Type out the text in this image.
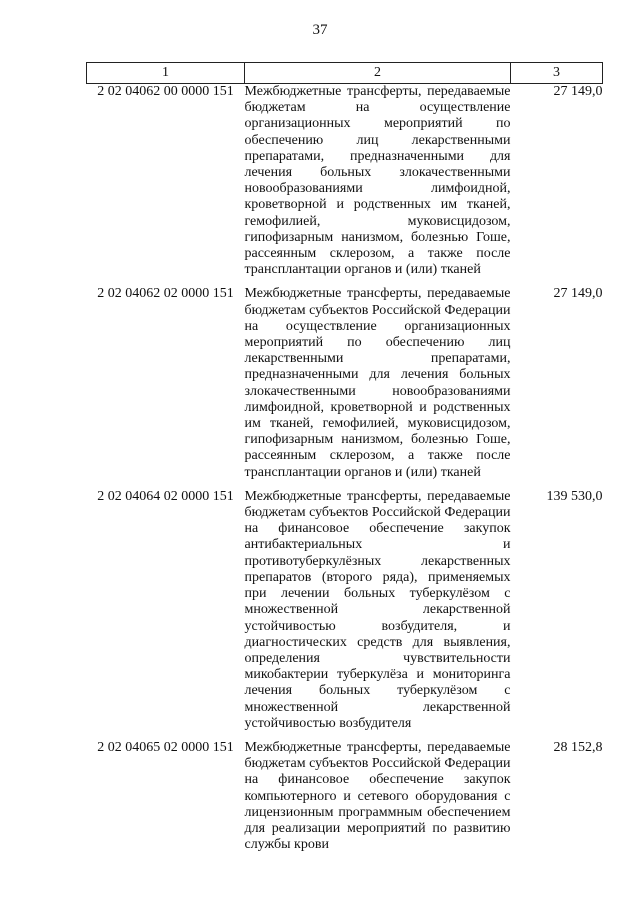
37
1	2	3
2 02 04062 00 0000 151	Межбюджетные трансферты, передаваемые бюджетам на осуществление организационных мероприятий по обеспечению лиц лекарственными препаратами, предназначенными для лечения больных злокачественными новообразованиями лимфоидной, кроветворной и родственных им тканей, гемофилией, муковисцидозом, гипофизарным нанизмом, болезнью Гоше, рассеянным склерозом, а также после трансплантации органов и (или) тканей	27 149,0
2 02 04062 02 0000 151	Межбюджетные трансферты, передаваемые бюджетам субъектов Российской Федерации на осуществление организационных мероприятий по обеспечению лиц лекарственными препаратами, предназначенными для лечения больных злокачественными новообразованиями лимфоидной, кроветворной и родственных им тканей, гемофилией, муковисцидозом, гипофизарным нанизмом, болезнью Гоше, рассеянным склерозом, а также после трансплантации органов и (или) тканей	27 149,0
2 02 04064 02 0000 151	Межбюджетные трансферты, передаваемые бюджетам субъектов Российской Федерации на финансовое обеспечение закупок антибактериальных и противотуберкулёзных лекарственных препаратов (второго ряда), применяемых при лечении больных туберкулёзом с множественной лекарственной устойчивостью возбудителя, и диагностических средств для выявления, определения чувствительности микобактерии туберкулёза и мониторинга лечения больных туберкулёзом с множественной лекарственной устойчивостью возбудителя	139 530,0
2 02 04065 02 0000 151	Межбюджетные трансферты, передаваемые бюджетам субъектов Российской Федерации на финансовое обеспечение закупок компьютерного и сетевого оборудования с лицензионным программным обеспечением для реализации мероприятий по развитию службы крови	28 152,8
